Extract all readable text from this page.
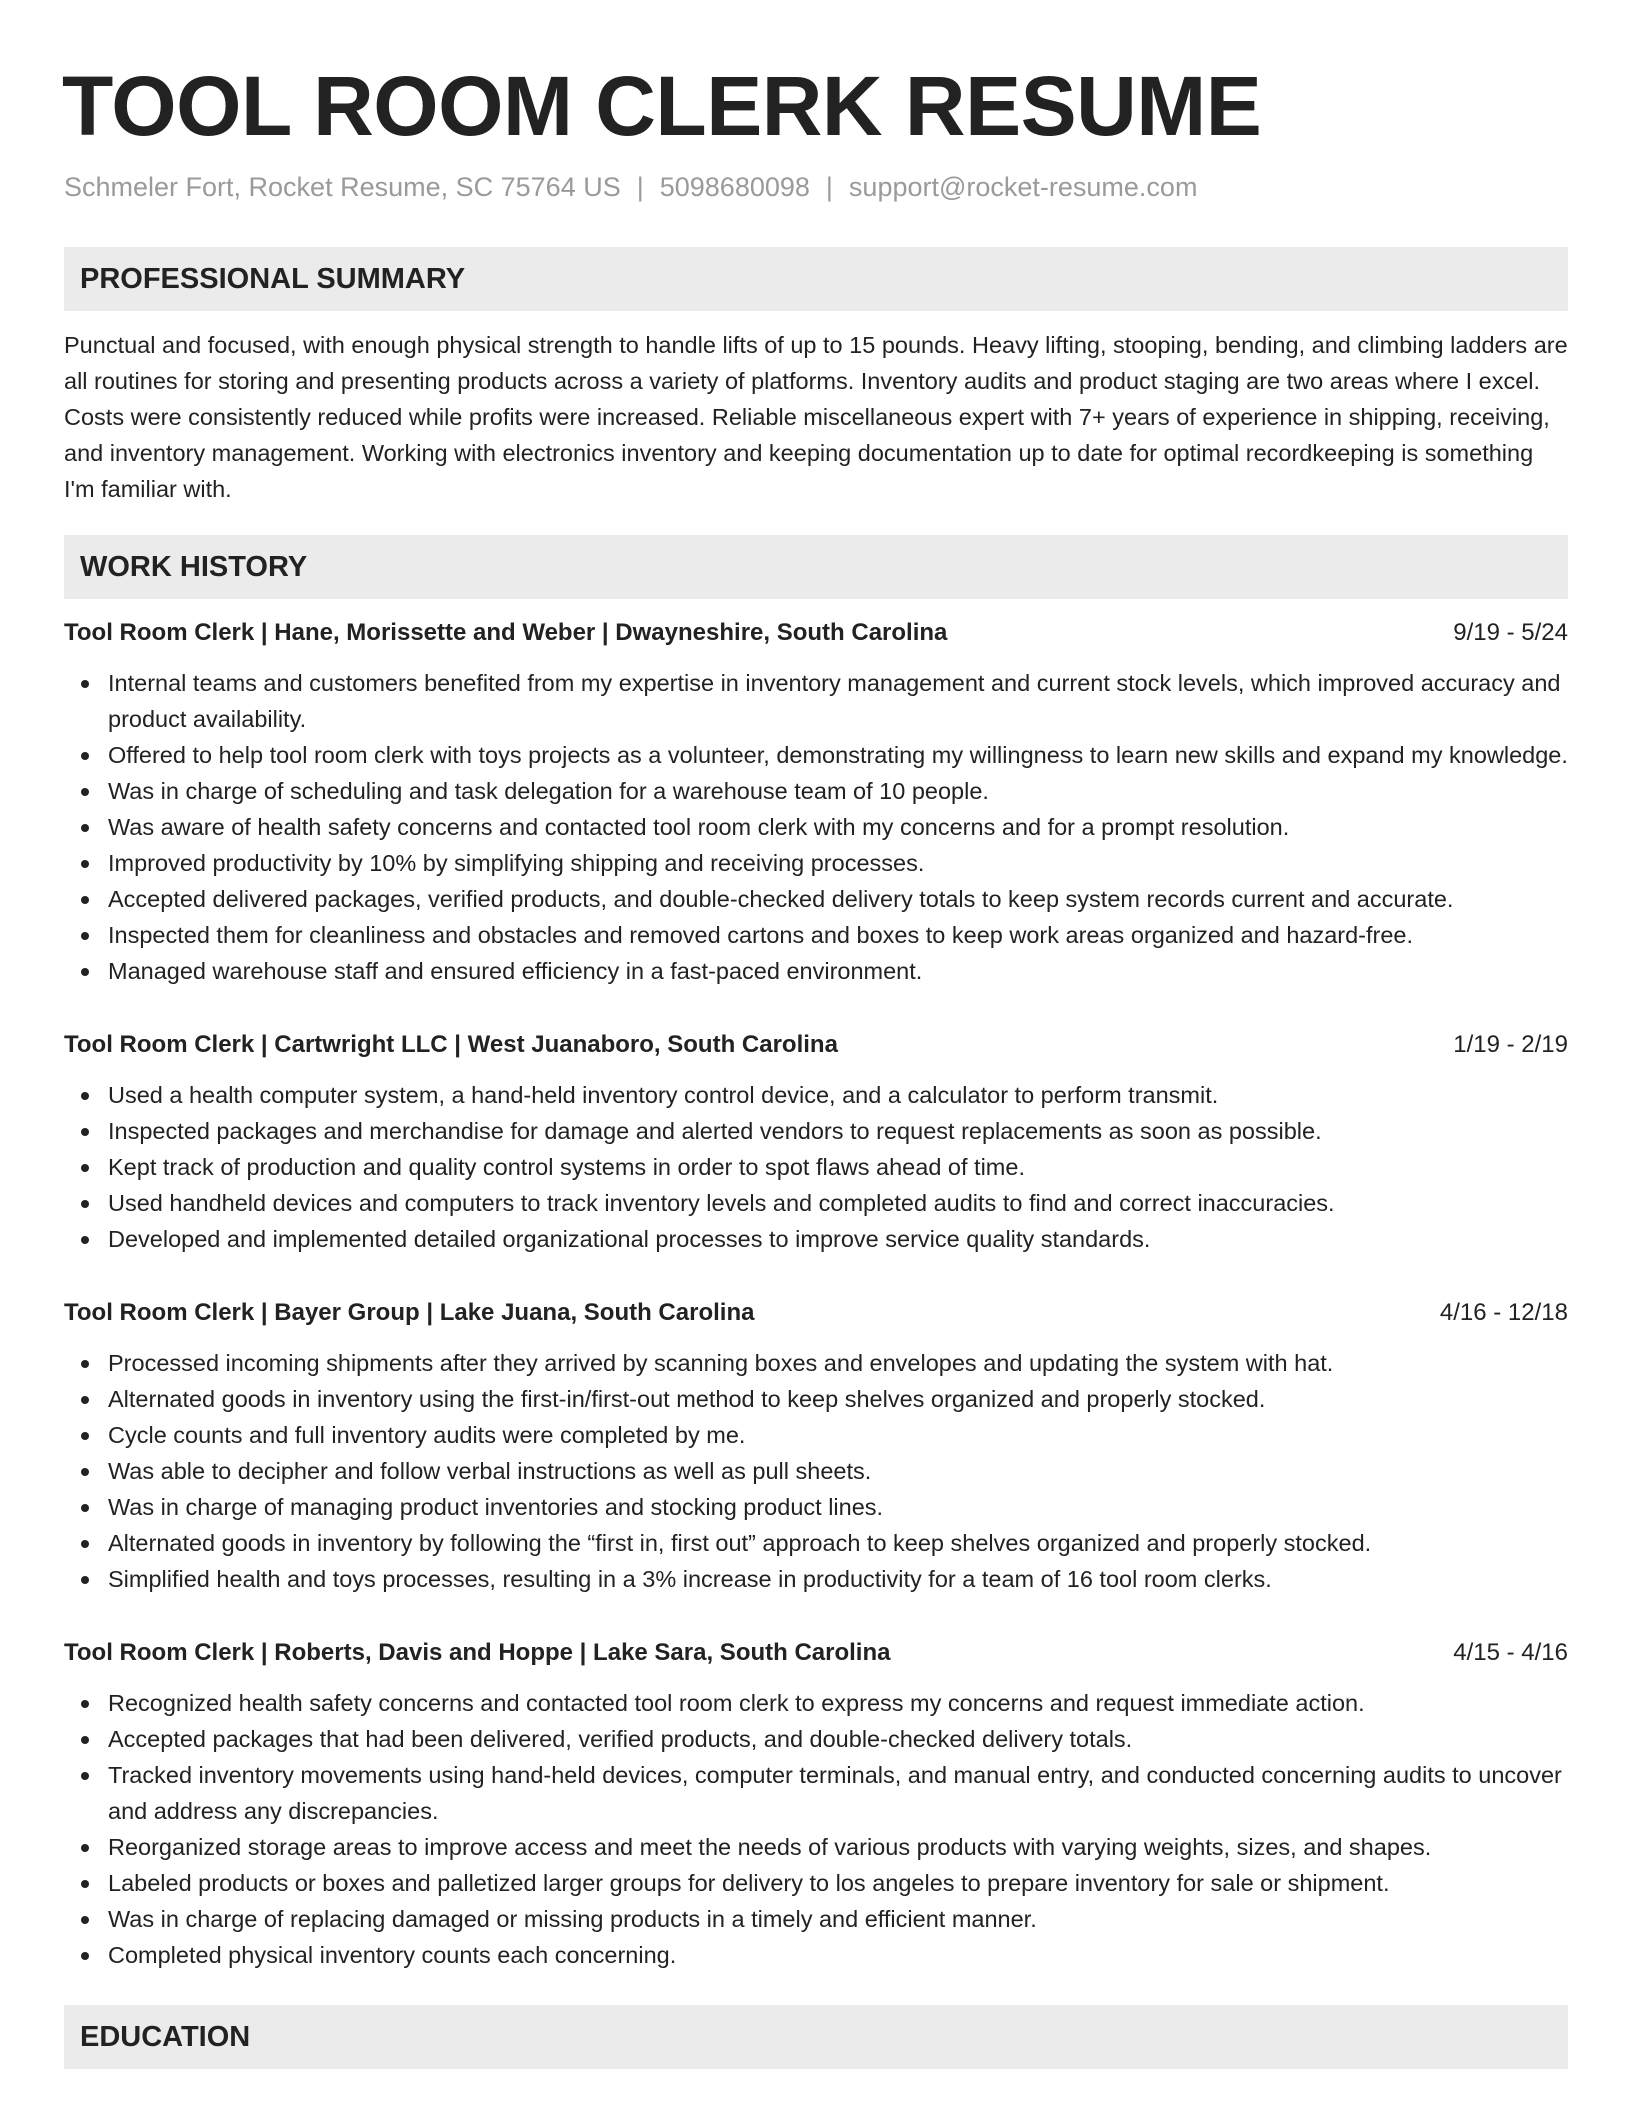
TOOL ROOM CLERK RESUME
Schmeler Fort, Rocket Resume, SC 75764 US | 5098680098 | support@rocket-resume.com
PROFESSIONAL SUMMARY
Punctual and focused, with enough physical strength to handle lifts of up to 15 pounds. Heavy lifting, stooping, bending, and climbing ladders are all routines for storing and presenting products across a variety of platforms. Inventory audits and product staging are two areas where I excel. Costs were consistently reduced while profits were increased. Reliable miscellaneous expert with 7+ years of experience in shipping, receiving, and inventory management. Working with electronics inventory and keeping documentation up to date for optimal recordkeeping is something I'm familiar with.
WORK HISTORY
Tool Room Clerk | Hane, Morissette and Weber | Dwayneshire, South Carolina	9/19 - 5/24
Internal teams and customers benefited from my expertise in inventory management and current stock levels, which improved accuracy and product availability.
Offered to help tool room clerk with toys projects as a volunteer, demonstrating my willingness to learn new skills and expand my knowledge.
Was in charge of scheduling and task delegation for a warehouse team of 10 people.
Was aware of health safety concerns and contacted tool room clerk with my concerns and for a prompt resolution.
Improved productivity by 10% by simplifying shipping and receiving processes.
Accepted delivered packages, verified products, and double-checked delivery totals to keep system records current and accurate.
Inspected them for cleanliness and obstacles and removed cartons and boxes to keep work areas organized and hazard-free.
Managed warehouse staff and ensured efficiency in a fast-paced environment.
Tool Room Clerk | Cartwright LLC | West Juanaboro, South Carolina	1/19 - 2/19
Used a health computer system, a hand-held inventory control device, and a calculator to perform transmit.
Inspected packages and merchandise for damage and alerted vendors to request replacements as soon as possible.
Kept track of production and quality control systems in order to spot flaws ahead of time.
Used handheld devices and computers to track inventory levels and completed audits to find and correct inaccuracies.
Developed and implemented detailed organizational processes to improve service quality standards.
Tool Room Clerk | Bayer Group | Lake Juana, South Carolina	4/16 - 12/18
Processed incoming shipments after they arrived by scanning boxes and envelopes and updating the system with hat.
Alternated goods in inventory using the first-in/first-out method to keep shelves organized and properly stocked.
Cycle counts and full inventory audits were completed by me.
Was able to decipher and follow verbal instructions as well as pull sheets.
Was in charge of managing product inventories and stocking product lines.
Alternated goods in inventory by following the “first in, first out” approach to keep shelves organized and properly stocked.
Simplified health and toys processes, resulting in a 3% increase in productivity for a team of 16 tool room clerks.
Tool Room Clerk | Roberts, Davis and Hoppe | Lake Sara, South Carolina	4/15 - 4/16
Recognized health safety concerns and contacted tool room clerk to express my concerns and request immediate action.
Accepted packages that had been delivered, verified products, and double-checked delivery totals.
Tracked inventory movements using hand-held devices, computer terminals, and manual entry, and conducted concerning audits to uncover and address any discrepancies.
Reorganized storage areas to improve access and meet the needs of various products with varying weights, sizes, and shapes.
Labeled products or boxes and palletized larger groups for delivery to los angeles to prepare inventory for sale or shipment.
Was in charge of replacing damaged or missing products in a timely and efficient manner.
Completed physical inventory counts each concerning.
EDUCATION
